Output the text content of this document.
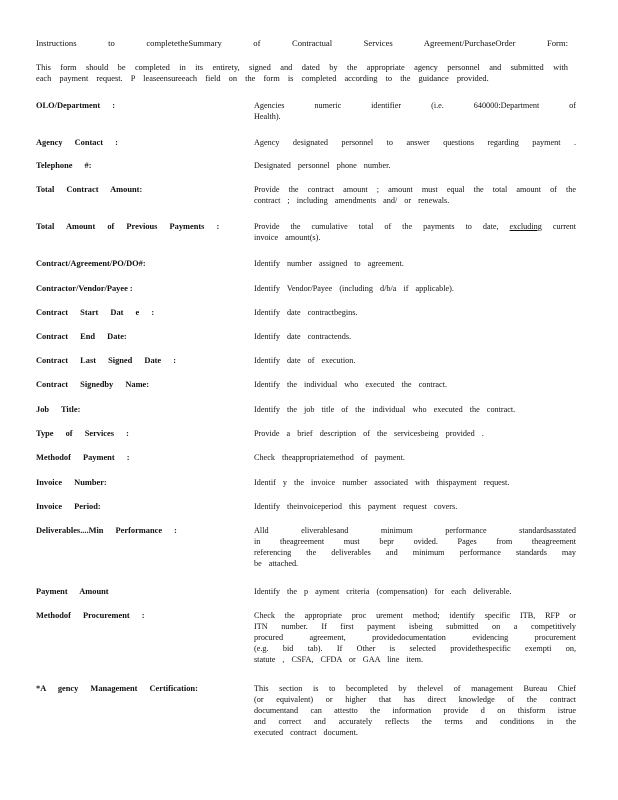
Instructions to completetheSummary of Contractual Services Agreement/PurchaseOrder Form:

This form should be completed in its entirety, signed and dated by the appropriate agency personnel and submitted with

each payment request. P leaseensureeach field on the form is completed according to the guidance provided.

OLO/Department :	Agencies numeric identifier (i.e. 640000:Department of

Health).

Agency Contact :	Agency designated personnel to answer questions regarding payment .

Telephone #:	Designated personnel phone number.

Total Contract Amount:	Provide the contract amount ; amount must equal the total amount of the

contract ; including amendments and/ or renewals.

Total Amount of Previous Payments :	Provide the cumulative total of the payments to date, excluding current

invoice amount(s).

Contract/Agreement/PO/DO#:	Identify number assigned to agreement.

Contractor/Vendor/Payee :	Identify Vendor/Payee (including d/b/a if applicable).

Contract Start Dat e :	Identify date contractbegins.

Contract End Date:	Identify date contractends.

Contract Last Signed Date :	Identify date of execution.

Contract Signedby Name:	Identify the individual who executed the contract.

Job Title:	Identify the job title of the individual who executed the contract.

Type of Services :	Provide a brief description of the servicesbeing provided .

Methodof Payment :	Check theappropriatemethod of payment.

Invoice Number:	Identif y the invoice number associated with thispayment request.

Invoice Period:	Identify theinvoiceperiod this payment request covers.

Deliverables....Min Performance :	Alld eliverablesand minimum performance standardsasstated

in theagreement must bepr ovided. Pages from theagreement

referencing the deliverables and minimum performance standards may

be attached.

Payment Amount	Identify the p ayment criteria (compensation) for each deliverable.

Methodof Procurement :	Check the appropriate proc urement method; identify specific ITB, RFP or

ITN number. If first payment isbeing submitted on a competitively

procured agreement, providedocumentation evidencing procurement

(e.g. bid tab). If Other is selected providethespecific exempti on,

statute , CSFA, CFDA or GAA line item.

*A gency Management Certification:	This section is to becompleted by thelevel of management Bureau Chief

(or equivalent) or higher that has direct knowledge of the contract

documentand can attestto the information provide d on thisform istrue

and correct and accurately reflects the terms and conditions in the

executed contract document.
